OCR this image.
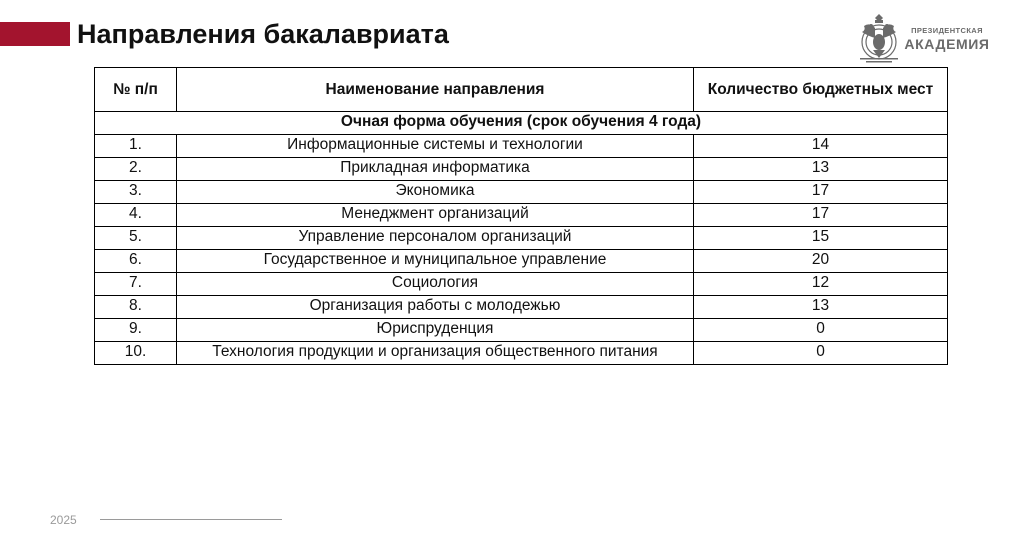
Направления бакалавриата	ПРЕЗИДЕНТСКАЯ
АКАДЕМИЯ
№ п/п	Наименование направления	Количество бюджетных мест
Очная форма обучения (срок обучения 4 года)		
1.	Информационные системы и технологии	14
2.	Прикладная информатика	13
3.	Экономика	17
4.	Менеджмент организаций	17
5.	Управление персоналом организаций	15
6.	Государственное и муниципальное управление	20
7.	Социология	12
8.	Организация работы с молодежью	13
9.	Юриспруденция	0
10.	Технология продукции и организация общественного питания	0
2025
